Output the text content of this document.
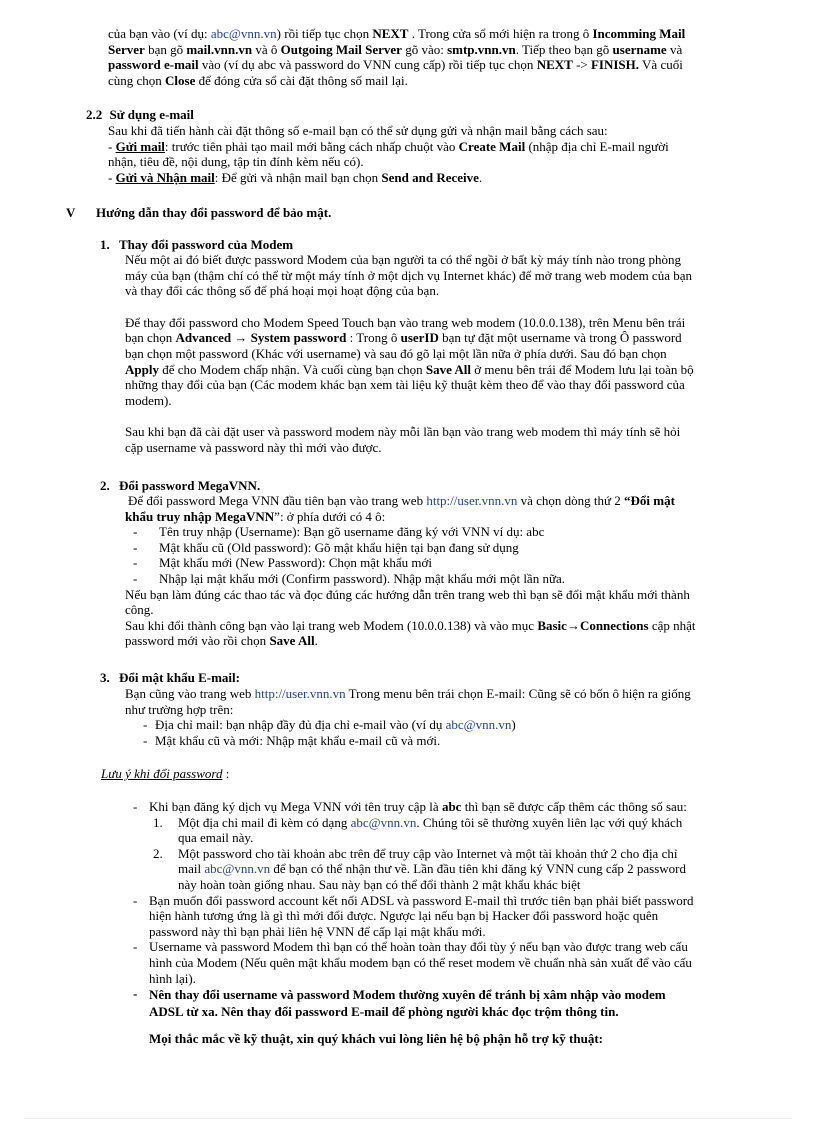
của bạn vào (ví dụ: abc@vnn.vn) rồi tiếp tục chọn NEXT . Trong cửa sổ mới hiện ra trong ô Incomming Mail

Server bạn gõ mail.vnn.vn và ô Outgoing Mail Server gõ vào: smtp.vnn.vn. Tiếp theo bạn gõ username và

password e-mail vào (ví dụ abc và password do VNN cung cấp) rồi tiếp tục chọn NEXT -> FINISH. Và cuối

cùng chọn Close để đóng cửa sổ cài đặt thông số mail lại.

2.2 Sử dụng e-mail

Sau khi đã tiến hành cài đặt thông số e-mail bạn có thể sử dụng gửi và nhận mail bằng cách sau:

- Gửi mail: trước tiên phải tạo mail mới bằng cách nhấp chuột vào Create Mail (nhập địa chỉ E-mail người

nhận, tiêu đề, nội dung, tập tin đính kèm nếu có).

- Gửi và Nhận mail: Để gửi và nhận mail bạn chọn Send and Receive.

V Hướng dẫn thay đổi password để bảo mật.
1. Thay đổi password của Modem

Nếu một ai đó biết được password Modem của bạn người ta có thể ngồi ở bất kỳ máy tính nào trong phòng

máy của bạn (thậm chí có thể từ một máy tính ở một dịch vụ Internet khác) để mở trang web modem của bạn

và thay đổi các thông số để phá hoại mọi hoạt động của bạn.

Để thay đổi password cho Modem Speed Touch bạn vào trang web modem (10.0.0.138), trên Menu bên trái

bạn chọn Advanced → System password : Trong ô userID bạn tự đặt một username và trong Ô password

bạn chọn một password (Khác với username) và sau đó gõ lại một lần nữa ở phía dưới. Sau đó bạn chọn

Apply để cho Modem chấp nhận. Và cuối cùng bạn chọn Save All ở menu bên trái để Modem lưu lại toàn bộ

những thay đổi của bạn (Các modem khác bạn xem tài liệu kỹ thuật kèm theo để vào thay đổi password của

modem).

Sau khi bạn đã cài đặt user và password modem này mỗi lần bạn vào trang web modem thì máy tính sẽ hỏi

cặp username và password này thì mới vào được.

2. Đổi password MegaVNN.

Để đổi password Mega VNN đầu tiên bạn vào trang web http://user.vnn.vn và chọn dòng thứ 2 “Đổi mật

khẩu truy nhập MegaVNN”: ở phía dưới có 4 ô:

- Tên truy nhập (Username): Bạn gõ username đăng ký với VNN ví dụ: abc

- Mật khẩu cũ (Old password): Gõ mật khẩu hiện tại bạn đang sử dụng

- Mật khẩu mới (New Password): Chọn mật khẩu mới

- Nhập lại mật khẩu mới (Confirm password). Nhập mật khẩu mới một lần nữa.

Nếu bạn làm đúng các thao tác và đọc đúng các hướng dẫn trên trang web thì bạn sẽ đổi mật khẩu mới thành

công.

Sau khi đổi thành công bạn vào lại trang web Modem (10.0.0.138) và vào mục Basic→Connections cập nhật

password mới vào rồi chọn Save All.

3. Đổi mật khẩu E-mail:

Bạn cũng vào trang web http://user.vnn.vn Trong menu bên trái chọn E-mail: Cũng sẽ có bốn ô hiện ra giống

như trường hợp trên:

- Địa chỉ mail: bạn nhập đầy đủ địa chỉ e-mail vào (ví dụ abc@vnn.vn)

- Mật khẩu cũ và mới: Nhập mật khẩu e-mail cũ và mới.

Lưu ý khi đổi password :

- Khi bạn đăng ký dịch vụ Mega VNN với tên truy cập là abc thì bạn sẽ được cấp thêm các thông số sau:

1. Một địa chỉ mail đi kèm có dạng abc@vnn.vn. Chúng tôi sẽ thường xuyên liên lạc với quý khách

qua email này.

2. Một password cho tài khoản abc trên để truy cập vào Internet và một tài khoản thứ 2 cho địa chỉ

mail abc@vnn.vn để bạn có thể nhận thư về. Lần đầu tiên khi đăng ký VNN cung cấp 2 password

này hoàn toàn giống nhau. Sau này bạn có thể đổi thành 2 mật khẩu khác biệt

- Bạn muốn đổi password account kết nối ADSL và password E-mail thì trước tiên bạn phải biết password

hiện hành tương ứng là gì thì mới đổi được. Ngược lại nếu bạn bị Hacker đổi password hoặc quên

password này thì bạn phải liên hệ VNN để cấp lại mật khẩu mới.

- Username và password Modem thì bạn có thể hoàn toàn thay đổi tùy ý nếu bạn vào được trang web cấu

hình của Modem (Nếu quên mật khẩu modem bạn có thể reset modem về chuẩn nhà sản xuất để vào cấu

hình lại).

- Nên thay đổi username và password Modem thường xuyên để tránh bị xâm nhập vào modem

ADSL từ xa. Nên thay đổi password E-mail để phòng người khác đọc trộm thông tin.

Mọi thắc mắc về kỹ thuật, xin quý khách vui lòng liên hệ bộ phận hỗ trợ kỹ thuật:
